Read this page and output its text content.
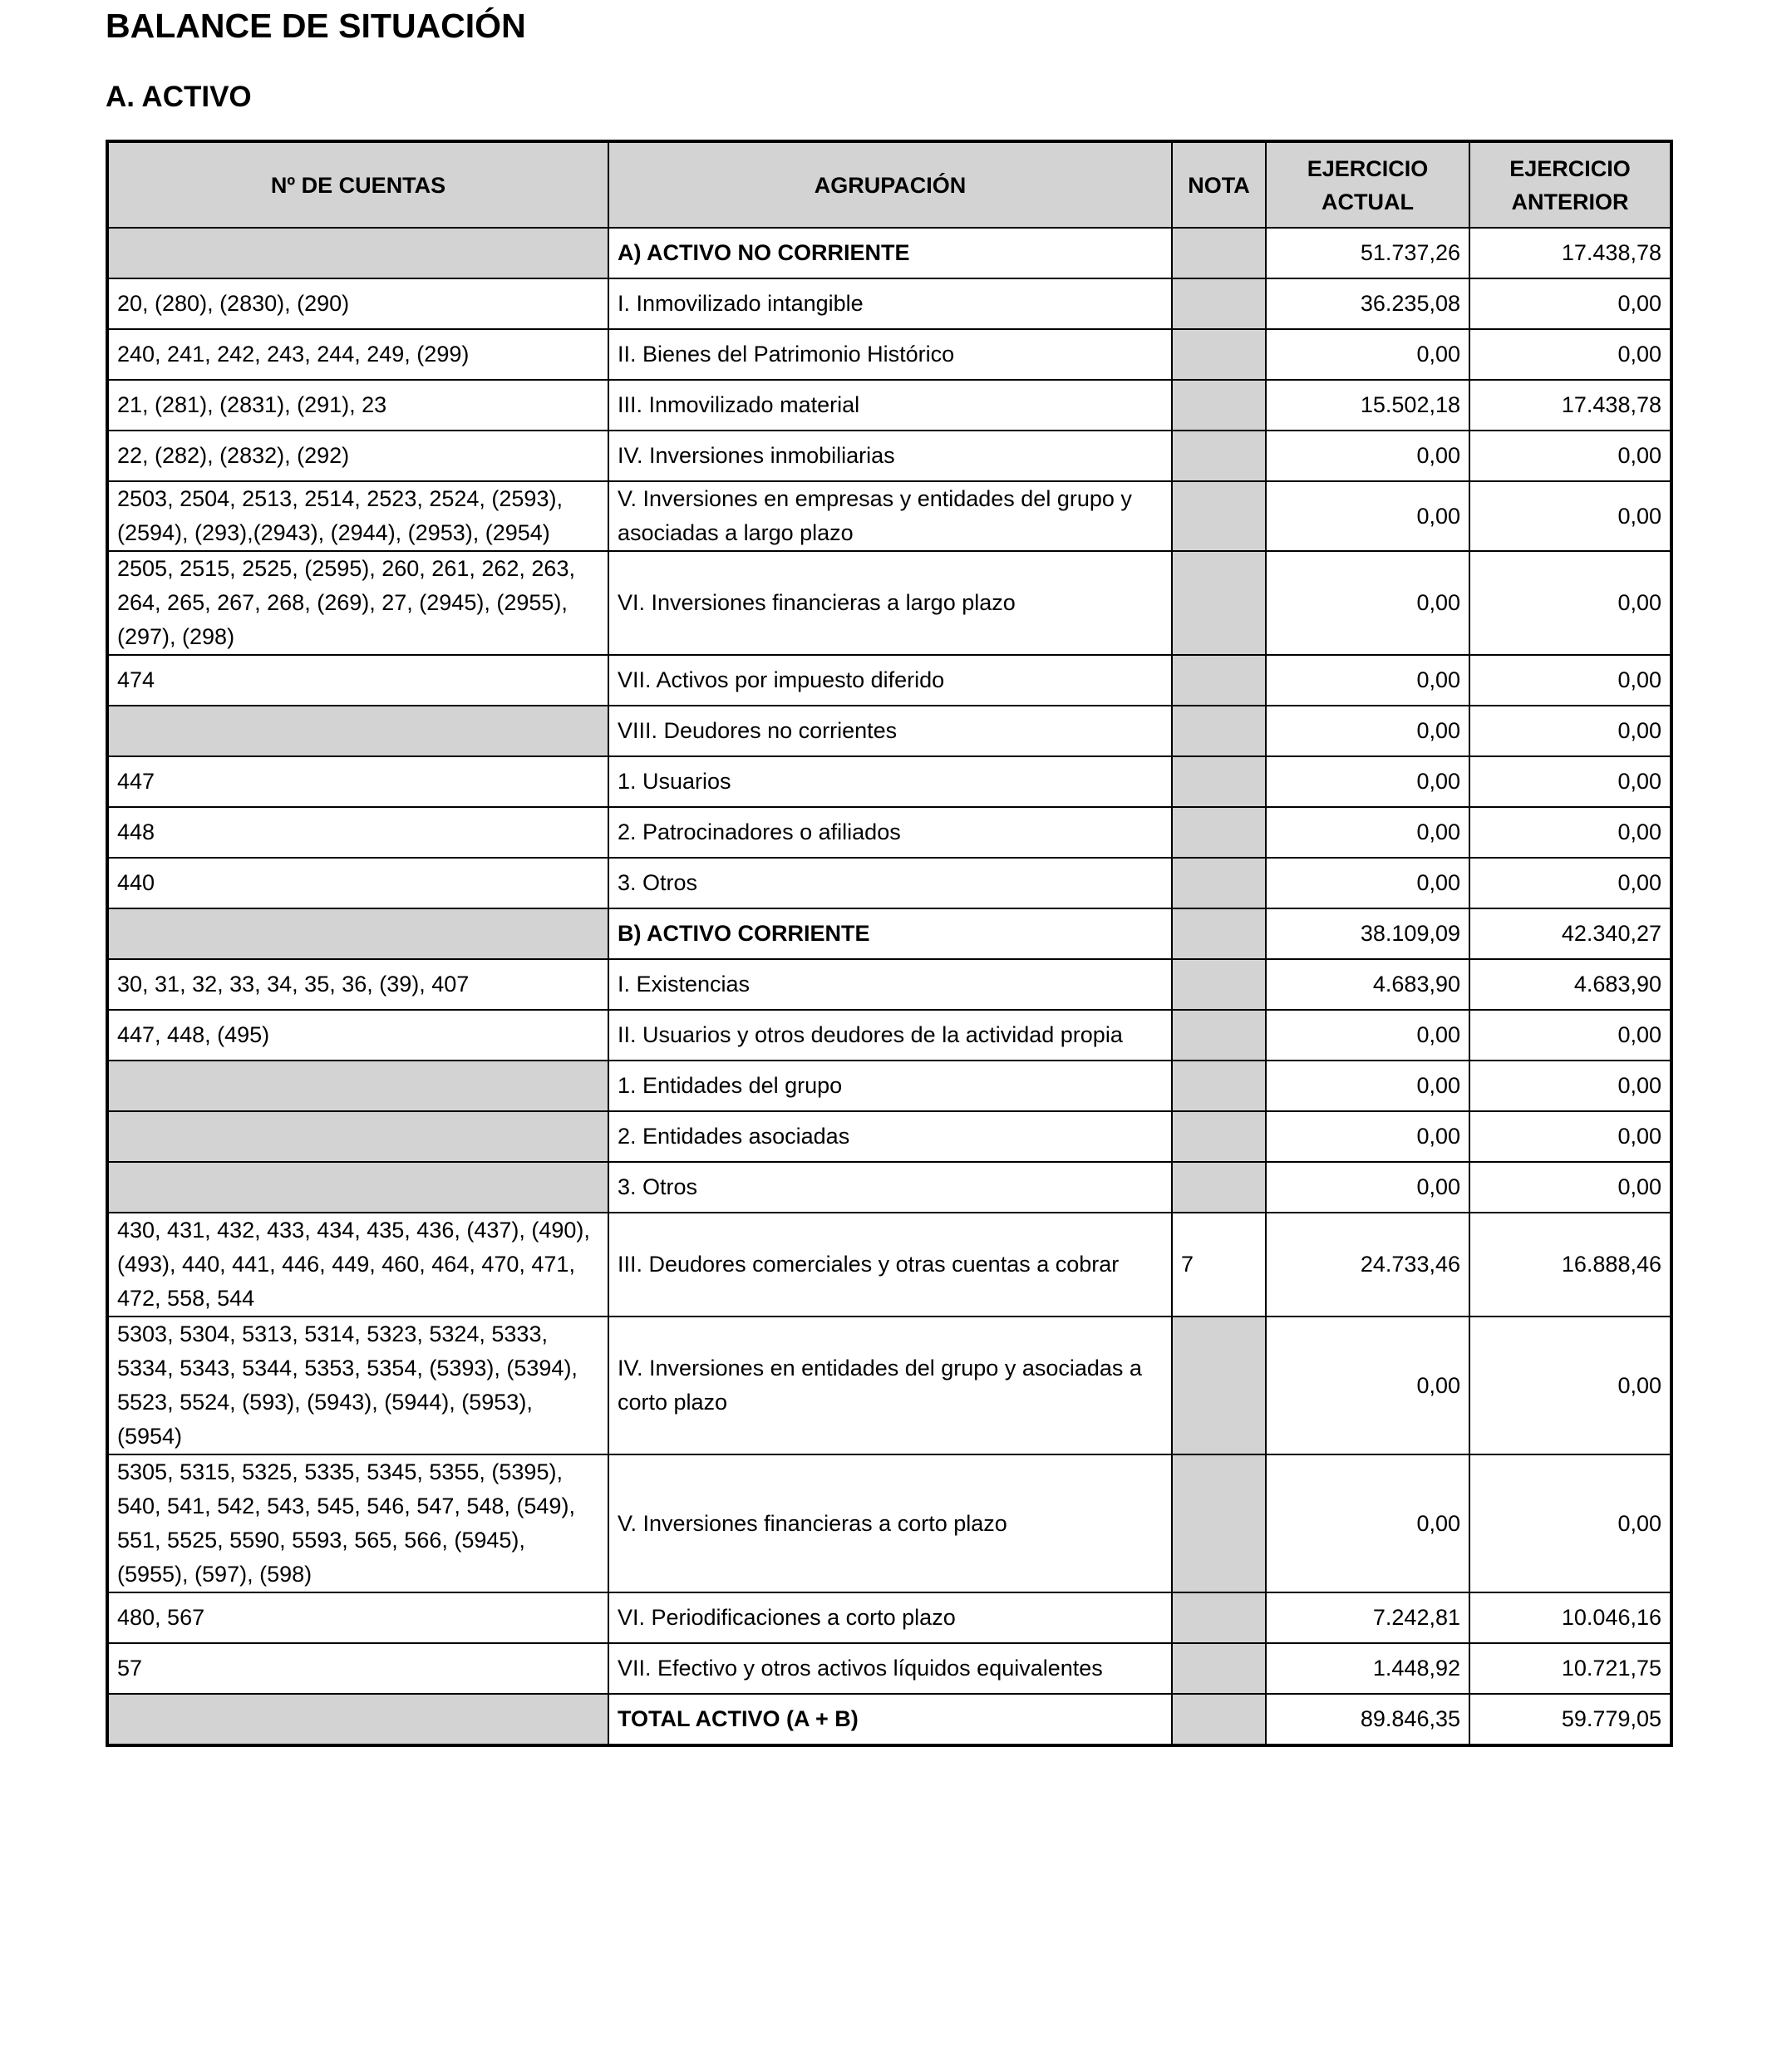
BALANCE DE SITUACIÓN
A. ACTIVO
Nº DE CUENTAS	AGRUPACIÓN	NOTA	EJERCICIO ACTUAL	EJERCICIO ANTERIOR
	A) ACTIVO NO CORRIENTE		51.737,26	17.438,78
20, (280), (2830), (290)	I. Inmovilizado intangible		36.235,08	0,00
240, 241, 242, 243, 244, 249, (299)	II. Bienes del Patrimonio Histórico		0,00	0,00
21, (281), (2831), (291), 23	III. Inmovilizado material		15.502,18	17.438,78
22, (282), (2832), (292)	IV. Inversiones inmobiliarias		0,00	0,00
2503, 2504, 2513, 2514, 2523, 2524, (2593), (2594), (293),(2943), (2944), (2953), (2954)	V. Inversiones en empresas y entidades del grupo y asociadas a largo plazo		0,00	0,00
2505, 2515, 2525, (2595), 260, 261, 262, 263, 264, 265, 267, 268, (269), 27, (2945), (2955), (297), (298)	VI. Inversiones financieras a largo plazo		0,00	0,00
474	VII. Activos por impuesto diferido		0,00	0,00
	VIII. Deudores no corrientes		0,00	0,00
447	1. Usuarios		0,00	0,00
448	2. Patrocinadores o afiliados		0,00	0,00
440	3. Otros		0,00	0,00
	B) ACTIVO CORRIENTE		38.109,09	42.340,27
30, 31, 32, 33, 34, 35, 36, (39), 407	I. Existencias		4.683,90	4.683,90
447, 448, (495)	II. Usuarios y otros deudores de la actividad propia		0,00	0,00
	1. Entidades del grupo		0,00	0,00
	2. Entidades asociadas		0,00	0,00
	3. Otros		0,00	0,00
430, 431, 432, 433, 434, 435, 436, (437), (490), (493), 440, 441, 446, 449, 460, 464, 470, 471, 472, 558, 544	III. Deudores comerciales y otras cuentas a cobrar	7	24.733,46	16.888,46
5303, 5304, 5313, 5314, 5323, 5324, 5333, 5334, 5343, 5344, 5353, 5354, (5393), (5394), 5523, 5524, (593), (5943), (5944), (5953), (5954)	IV. Inversiones en entidades del grupo y asociadas a corto plazo		0,00	0,00
5305, 5315, 5325, 5335, 5345, 5355, (5395), 540, 541, 542, 543, 545, 546, 547, 548, (549), 551, 5525, 5590, 5593, 565, 566, (5945), (5955), (597), (598)	V. Inversiones financieras a corto plazo		0,00	0,00
480, 567	VI. Periodificaciones a corto plazo		7.242,81	10.046,16
57	VII. Efectivo y otros activos líquidos equivalentes		1.448,92	10.721,75
	TOTAL ACTIVO (A + B)		89.846,35	59.779,05
